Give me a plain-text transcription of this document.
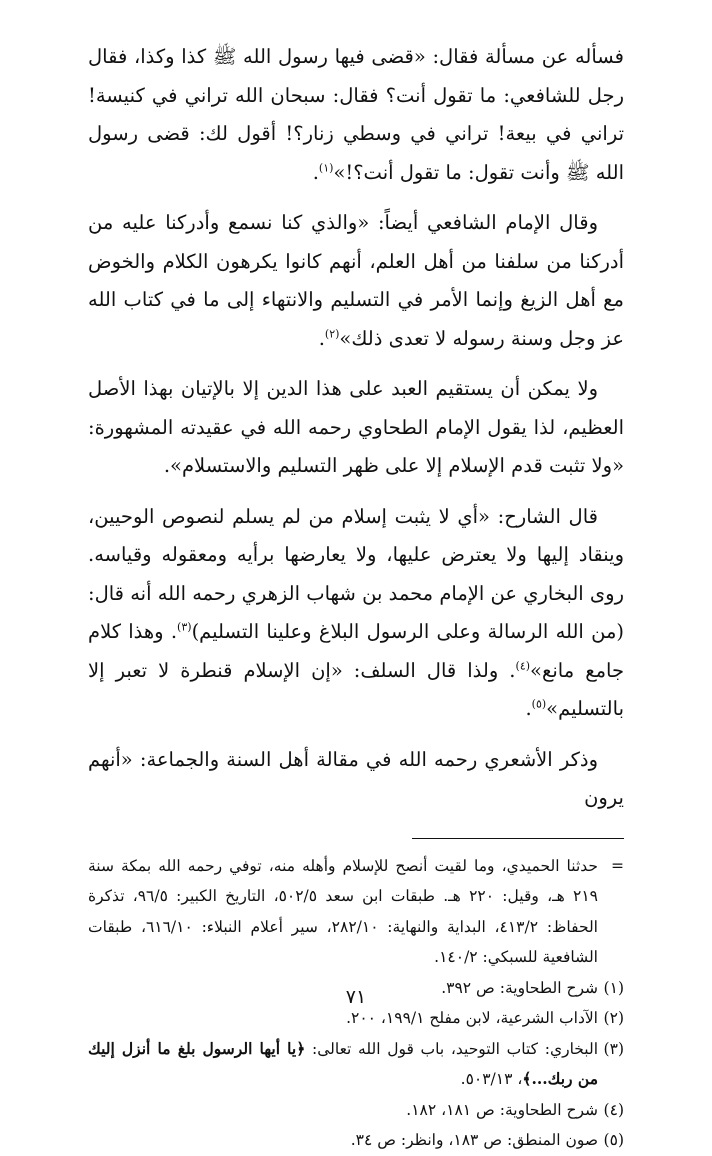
فسأله عن مسألة فقال: «قضى فيها رسول الله ﷺ كذا وكذا، فقال رجل للشافعي: ما تقول أنت؟ فقال: سبحان الله تراني في كنيسة! تراني في بيعة! تراني في وسطي زنار؟! أقول لك: قضى رسول الله ﷺ وأنت تقول: ما تقول أنت؟!»$^{(١)}$.

وقال الإمام الشافعي أيضاً: «والذي كنا نسمع وأدركنا عليه من أدركنا من سلفنا من أهل العلم، أنهم كانوا يكرهون الكلام والخوض مع أهل الزيغ وإنما الأمر في التسليم والانتهاء إلى ما في كتاب الله عز وجل وسنة رسوله لا تعدى ذلك»$^{(٢)}$.

ولا يمكن أن يستقيم العبد على هذا الدين إلا بالإتيان بهذا الأصل العظيم، لذا يقول الإمام الطحاوي رحمه الله في عقيدته المشهورة: «ولا تثبت قدم الإسلام إلا على ظهر التسليم والاستسلام».

قال الشارح: «أي لا يثبت إسلام من لم يسلم لنصوص الوحيين، وينقاد إليها ولا يعترض عليها، ولا يعارضها برأيه ومعقوله وقياسه. روى البخاري عن الإمام محمد بن شهاب الزهري رحمه الله أنه قال: (من الله الرسالة وعلى الرسول البلاغ وعلينا التسليم)$^{(٣)}$. وهذا كلام جامع مانع»$^{(٤)}$. ولذا قال السلف: «إن الإسلام قنطرة لا تعبر إلا بالتسليم»$^{(٥)}$.

وذكر الأشعري رحمه الله في مقالة أهل السنة والجماعة: «أنهم يرون

=
حدثنا الحميدي، وما لقيت أنصح للإسلام وأهله منه، توفي رحمه الله بمكة سنة ٢١٩ هـ، وقيل: ٢٢٠ هـ. طبقات ابن سعد ٥٠٢/٥، التاريخ الكبير: ٩٦/٥، تذكرة الحفاظ: ٤١٣/٢، البداية والنهاية: ٢٨٢/١٠، سير أعلام النبلاء: ٦١٦/١٠، طبقات الشافعية للسبكي: ١٤٠/٢.
(١)
شرح الطحاوية: ص ٣٩٢.
(٢)
الآداب الشرعية، لابن مفلح ١٩٩/١، ٢٠٠.
(٣)
البخاري: كتاب التوحيد، باب قول الله تعالى: ﴿يا أيها الرسول بلغ ما أنزل إليك من ربك...﴾، ٥٠٣/١٣.
(٤)
شرح الطحاوية: ص ١٨١، ١٨٢.
(٥)
صون المنطق: ص ١٨٣، وانظر: ص ٣٤.
٧١
